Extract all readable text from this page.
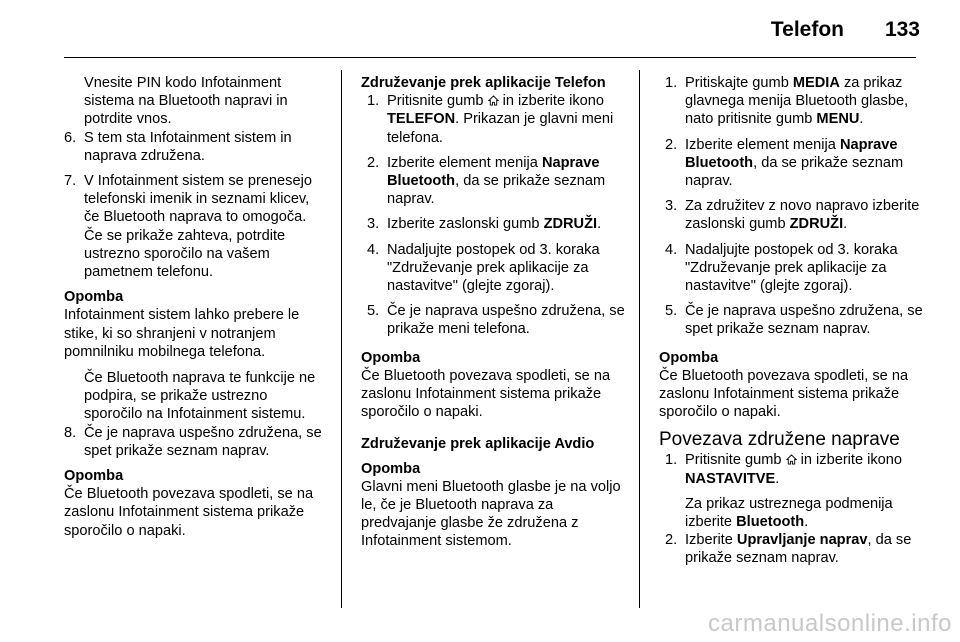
Telefon 133

Vnesite PIN kodo Infotainment sistema na Bluetooth napravi in potrdite vnos.

6. S tem sta Infotainment sistem in naprava združena.
7. V Infotainment sistem se prenesejo telefonski imenik in seznami klicev, če Bluetooth naprava to omogoča. Če se prikaže zahteva, potrdite ustrezno sporočilo na vašem pametnem telefonu.

Opomba

Infotainment sistem lahko prebere le stike, ki so shranjeni v notranjem pomnilniku mobilnega telefona.

Če Bluetooth naprava te funkcije ne podpira, se prikaže ustrezno sporočilo na Infotainment sistemu.

8. Če je naprava uspešno združena, se spet prikaže seznam naprav.

Opomba

Če Bluetooth povezava spodleti, se na zaslonu Infotainment sistema prikaže sporočilo o napaki.

Združevanje prek aplikacije Telefon

1. Pritisnite gumb  in izberite ikono TELEFON. Prikazan je glavni meni telefona.
2. Izberite element menija Naprave Bluetooth, da se prikaže seznam naprav.
3. Izberite zaslonski gumb ZDRUŽI.
4. Nadaljujte postopek od 3. koraka "Združevanje prek aplikacije za nastavitve" (glejte zgoraj).
5. Če je naprava uspešno združena, se prikaže meni telefona.

Opomba

Če Bluetooth povezava spodleti, se na zaslonu Infotainment sistema prikaže sporočilo o napaki.

Združevanje prek aplikacije Avdio

Opomba

Glavni meni Bluetooth glasbe je na voljo le, če je Bluetooth naprava za predvajanje glasbe že združena z Infotainment sistemom.

1. Pritiskajte gumb MEDIA za prikaz glavnega menija Bluetooth glasbe, nato pritisnite gumb MENU.
2. Izberite element menija Naprave Bluetooth, da se prikaže seznam naprav.
3. Za združitev z novo napravo izberite zaslonski gumb ZDRUŽI.
4. Nadaljujte postopek od 3. koraka "Združevanje prek aplikacije za nastavitve" (glejte zgoraj).
5. Če je naprava uspešno združena, se spet prikaže seznam naprav.

Opomba

Če Bluetooth povezava spodleti, se na zaslonu Infotainment sistema prikaže sporočilo o napaki.

Povezava združene naprave

1. Pritisnite gumb  in izberite ikono NASTAVITVE.

Za prikaz ustreznega podmenija izberite Bluetooth.

2. Izberite Upravljanje naprav, da se prikaže seznam naprav.
carmanualsonline.info
